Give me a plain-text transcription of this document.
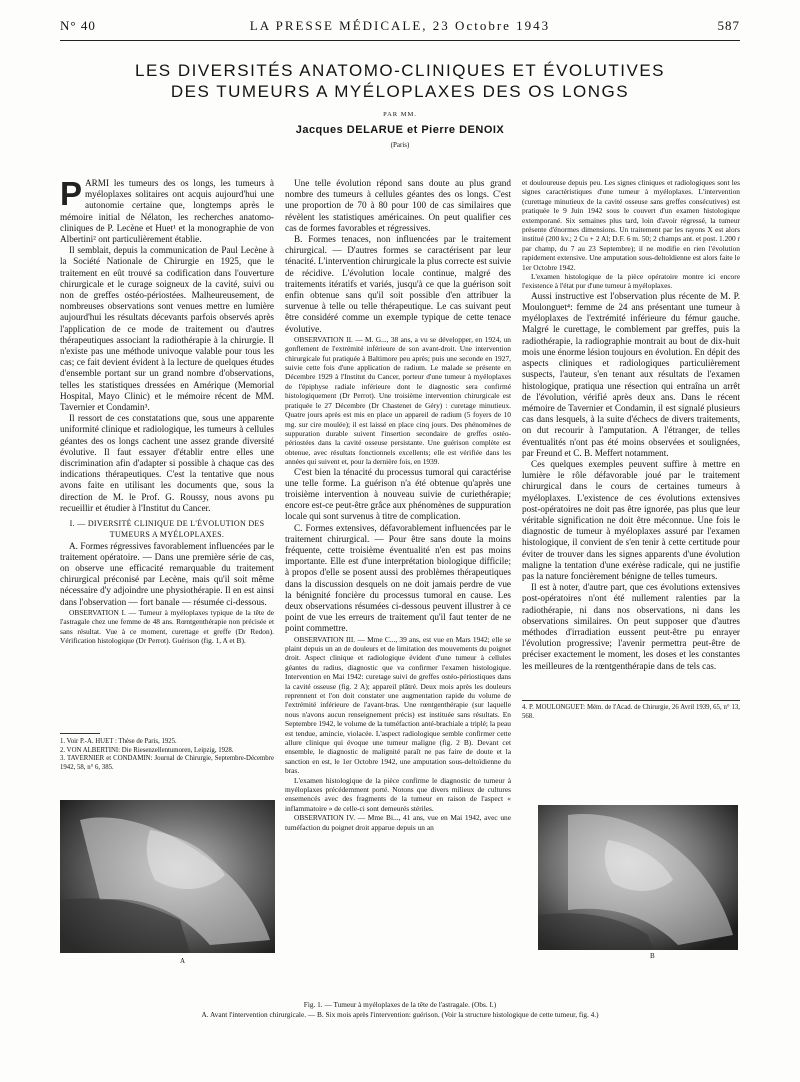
N° 40	LA PRESSE MÉDICALE, 23 Octobre 1943	587
LES DIVERSITÉS ANATOMO-CLINIQUES ET ÉVOLUTIVES
DES TUMEURS A MYÉLOPLAXES DES OS LONGS
PAR MM.
Jacques DELARUE et Pierre DENOIX
(Paris)

PARMI les tumeurs des os longs, les tumeurs à myéloplaxes solitaires ont acquis aujourd'hui une autonomie certaine que, longtemps après le mémoire initial de Nélaton, les recherches anatomo-cliniques de P. Lecène et Huet¹ et la monographie de von Albertini² ont particulièrement établie.

Il semblait, depuis la communication de Paul Lecène à la Société Nationale de Chirurgie en 1925, que le traitement en eût trouvé sa codification dans l'ouverture chirurgicale et le curage soigneux de la cavité, suivi ou non de greffes ostéo-périostées. Malheureusement, de nombreuses observations sont venues mettre en lumière aujourd'hui les résultats décevants parfois observés après l'application de ce mode de traitement ou d'autres thérapeutiques associant la radiothérapie à la chirurgie. Il n'existe pas une méthode univoque valable pour tous les cas; ce fait devient évident à la lecture de quelques études d'ensemble portant sur un grand nombre d'observations, telles les statistiques dressées en Amérique (Memorial Hospital, Mayo Clinic) et le mémoire récent de MM. Tavernier et Condamin³.

Il ressort de ces constatations que, sous une apparente uniformité clinique et radiologique, les tumeurs à cellules géantes des os longs cachent une assez grande diversité évolutive. Il faut essayer d'établir entre elles une discrimination afin d'adapter si possible à chaque cas des indications thérapeutiques. C'est la tentative que nous avons faite en utilisant les documents que, sous la direction de M. le Prof. G. Roussy, nous avons pu recueillir et étudier à l'Institut du Cancer.

I. — DIVERSITÉ CLINIQUE DE L'ÉVOLUTION DES TUMEURS A MYÉLOPLAXES.

A. Formes régressives favorablement influencées par le traitement opératoire. — Dans une première série de cas, on observe une efficacité remarquable du traitement chirurgical préconisé par Lecène, mais qu'il soit même nécessaire d'y adjoindre une physiothérapie. Il en est ainsi dans l'observation — fort banale — résumée ci-dessous.

OBSERVATION I. — Tumeur à myéloplaxes typique de la tête de l'astragale chez une femme de 48 ans. Rœntgenthérapie non précisée et sans résultat. Vue à ce moment, curettage et greffe (Dr Redon). Vérification histologique (Dr Perrot). Guérison (fig. 1, A et B).

1. Voir P.-A. HUET : Thèse de Paris, 1925.

2. VON ALBERTINI: Die Riesenzellentumoren, Leipzig, 1928.

3. TAVERNIER et CONDAMIN: Journal de Chirurgie, Septembre-Décembre 1942, 58, n° 6, 385.

Une telle évolution répond sans doute au plus grand nombre des tumeurs à cellules géantes des os longs. C'est une proportion de 70 à 80 pour 100 de cas similaires que révèlent les statistiques américaines. On peut qualifier ces cas de formes favorables et régressives.

B. Formes tenaces, non influencées par le traitement chirurgical. — D'autres formes se caractérisent par leur ténacité. L'intervention chirurgicale la plus correcte est suivie de récidive. L'évolution locale continue, malgré des traitements itératifs et variés, jusqu'à ce que la guérison soit enfin obtenue sans qu'il soit possible d'en attribuer la survenue à telle ou telle thérapeutique. Le cas suivant peut être considéré comme un exemple typique de cette tenace évolutive.

OBSERVATION II. — M. G..., 38 ans, a vu se développer, en 1924, un gonflement de l'extrémité inférieure de son avant-droit. Une intervention chirurgicale fut pratiquée à Baltimore peu après; puis une seconde en 1927, suivie cette fois d'une application de radium. Le malade se présente en Décembre 1929 à l'Institut du Cancer, porteur d'une tumeur à myéloplaxes de l'épiphyse radiale inférieure dont le diagnostic sera confirmé histologiquement (Dr Perrot). Une troisième intervention chirurgicale est pratiquée le 27 Décembre (Dr Chastenet de Géry) : curetage minutieux. Quatre jours après est mis en place un appareil de radium (5 foyers de 10 mg. sur cire moulée); il est laissé en place cinq jours. Des phénomènes de suppuration durable suivent l'insertion secondaire de greffes ostéo-périostées dans la cavité osseuse persistante. Une guérison complète est obtenue, avec résultats fonctionnels excellents; elle est vérifiée dans les années qui suivent et, pour la dernière fois, en 1939.

C'est bien la ténacité du processus tumoral qui caractérise une telle forme. La guérison n'a été obtenue qu'après une troisième intervention à nouveau suivie de curiethérapie; encore est-ce peut-être grâce aux phénomènes de suppuration locale qui sont survenus à titre de complication.

C. Formes extensives, défavorablement influencées par le traitement chirurgical. — Pour être sans doute la moins fréquente, cette troisième éventualité n'en est pas moins importante. Elle est d'une interprétation biologique difficile; à propos d'elle se posent aussi des problèmes thérapeutiques dans la discussion desquels on ne doit jamais perdre de vue la bénignité foncière du processus tumoral en cause. Les deux observations résumées ci-dessous peuvent illustrer à ce point de vue les erreurs de traitement qu'il faut tenter de ne point commettre.

OBSERVATION III. — Mme C..., 39 ans, est vue en Mars 1942; elle se plaint depuis un an de douleurs et de limitation des mouvements du poignet droit. Aspect clinique et radiologique évident d'une tumeur à cellules géantes du radius, diagnostic que va confirmer l'examen histologique. Intervention en Mai 1942: curetage suivi de greffes ostéo-périostiques dans la cavité osseuse (fig. 2 A); appareil plâtré. Deux mois après les douleurs reprennent et l'on doit constater une augmentation rapide du volume de l'extrémité inférieure de l'avant-bras. Une rœntgenthérapie (sur laquelle nous n'avons aucun renseignement précis) est instituée sans résultats. En Septembre 1942, le volume de la tuméfaction anté-brachiale a triplé; la peau est tendue, amincie, violacée. L'aspect radiologique semble confirmer cette allure clinique qui évoque une tumeur maligne (fig. 2 B). Devant cet ensemble, le diagnostic de malignité paraît ne pas faire de doute et la sanction en est, le 1er Octobre 1942, une amputation sous-deltoïdienne du bras.

L'examen histologique de la pièce confirme le diagnostic de tumeur à myéloplaxes précédemment porté. Notons que divers milieux de cultures ensemencés avec des fragments de la tumeur en raison de l'aspect « inflammatoire » de celle-ci sont demeurés stériles.

OBSERVATION IV. — Mme Bi..., 41 ans, vue en Mai 1942, avec une tuméfaction du poignet droit apparue depuis un an

et douloureuse depuis peu. Les signes cliniques et radiologiques sont les signes caractéristiques d'une tumeur à myéloplaxes. L'intervention (curettage minutieux de la cavité osseuse sans greffes consécutives) est pratiquée le 9 Juin 1942 sous le couvert d'un examen histologique extemporané. Six semaines plus tard, loin d'avoir régressé, la tumeur présente d'énormes dimensions. Un traitement par les rayons X est alors institué (200 kv.; 2 Cu + 2 Al; D.F. 6 m. 50; 2 champs ant. et post. 1.200 r par champ, du 7 au 23 Septembre); il ne modifie en rien l'évolution rapidement extensive. Une amputation sous-deltoïdienne est alors faite le 1er Octobre 1942.

L'examen histologique de la pièce opératoire montre ici encore l'existence à l'état pur d'une tumeur à myéloplaxes.

Aussi instructive est l'observation plus récente de M. P. Moulonguet⁴: femme de 24 ans présentant une tumeur à myéloplaxes de l'extrémité inférieure du fémur gauche. Malgré le curettage, le comblement par greffes, puis la radiothérapie, la radiographie montrait au bout de dix-huit mois une énorme lésion toujours en évolution. En dépit des aspects cliniques et radiologiques particulièrement suspects, l'auteur, s'en tenant aux résultats de l'examen histologique, pratiqua une résection qui entraîna un arrêt de l'évolution, vérifié après deux ans. Dans le récent mémoire de Tavernier et Condamin, il est signalé plusieurs cas dans lesquels, à la suite d'échecs de divers traitements, on dut recourir à l'amputation. A l'étranger, de telles éventualités n'ont pas été moins observées et soulignées, par Freund et C. B. Meffert notamment.

Ces quelques exemples peuvent suffire à mettre en lumière le rôle défavorable joué par le traitement chirurgical dans le cours de certaines tumeurs à myéloplaxes. L'existence de ces évolutions extensives post-opératoires ne doit pas être ignorée, pas plus que leur véritable signification ne doit être méconnue. Une fois le diagnostic de tumeur à myéloplaxes assuré par l'examen histologique, il convient de s'en tenir à cette certitude pour éviter de trouver dans les signes apparents d'une évolution maligne la tentation d'une exérèse radicale, qui ne justifie pas la nature foncièrement bénigne de telles tumeurs.

Il est à noter, d'autre part, que ces évolutions extensives post-opératoires n'ont été nullement ralenties par la radiothérapie, ni dans nos observations, ni dans les observations similaires. On peut supposer que d'autres méthodes d'irradiation eussent peut-être pu enrayer l'évolution progressive; l'avenir permettra peut-être de préciser exactement le moment, les doses et les constantes les meilleures de la rœntgenthérapie dans de tels cas.

4. P. MOULONGUET: Mém. de l'Acad. de Chirurgie, 26 Avril 1939, 65, n° 13, 568.

A
B
Fig. 1. — Tumeur à myéloplaxes de la tête de l'astragale. (Obs. I.)
A. Avant l'intervention chirurgicale. — B. Six mois après l'intervention: guérison. (Voir la structure histologique de cette tumeur, fig. 4.)
